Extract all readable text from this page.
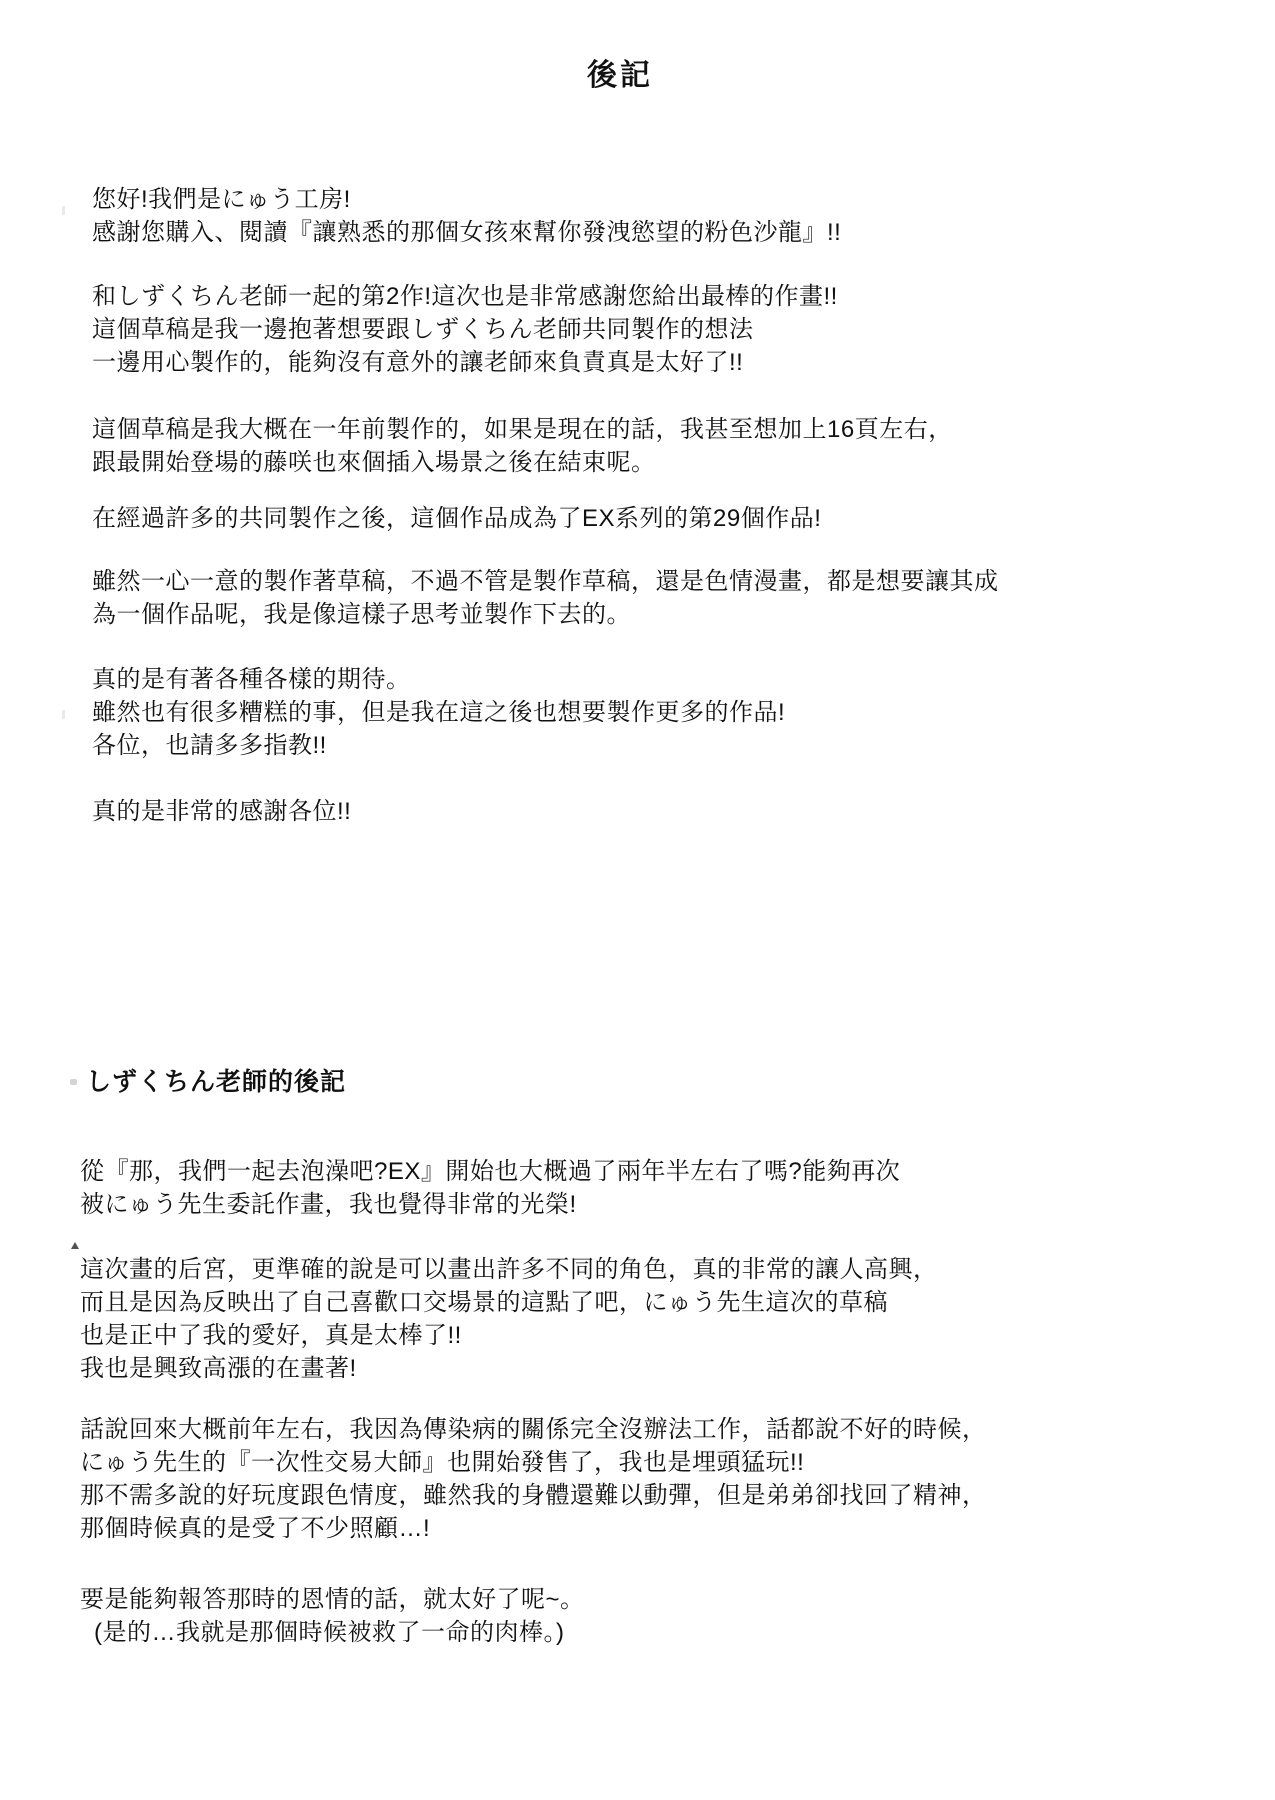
後記
您好!我們是にゅう工房!
感謝您購入、閱讀『讓熟悉的那個女孩來幫你發洩慾望的粉色沙龍』!!
和しずくちん老師一起的第2作!這次也是非常感謝您給出最棒的作畫!!
這個草稿是我一邊抱著想要跟しずくちん老師共同製作的想法
一邊用心製作的，能夠沒有意外的讓老師來負責真是太好了!!
這個草稿是我大概在一年前製作的，如果是現在的話，我甚至想加上16頁左右，
跟最開始登場的藤咲也來個插入場景之後在結束呢。
在經過許多的共同製作之後，這個作品成為了EX系列的第29個作品!
雖然一心一意的製作著草稿，不過不管是製作草稿，還是色情漫畫，都是想要讓其成
為一個作品呢，我是像這樣子思考並製作下去的。
真的是有著各種各樣的期待。
雖然也有很多糟糕的事，但是我在這之後也想要製作更多的作品!
各位，也請多多指教!!
真的是非常的感謝各位!!
しずくちん老師的後記
從『那，我們一起去泡澡吧?EX』開始也大概過了兩年半左右了嗎?能夠再次
被にゅう先生委託作畫，我也覺得非常的光榮!
這次畫的后宮，更準確的說是可以畫出許多不同的角色，真的非常的讓人高興，
而且是因為反映出了自己喜歡口交場景的這點了吧，にゅう先生這次的草稿
也是正中了我的愛好，真是太棒了!!
我也是興致高漲的在畫著!
話說回來大概前年左右，我因為傳染病的關係完全沒辦法工作，話都說不好的時候，
にゅう先生的『一次性交易大師』也開始發售了，我也是埋頭猛玩!!
那不需多說的好玩度跟色情度，雖然我的身體還難以動彈，但是弟弟卻找回了精神，
那個時候真的是受了不少照顧…!
要是能夠報答那時的恩情的話，就太好了呢~。
(是的…我就是那個時候被救了一命的肉棒。)
